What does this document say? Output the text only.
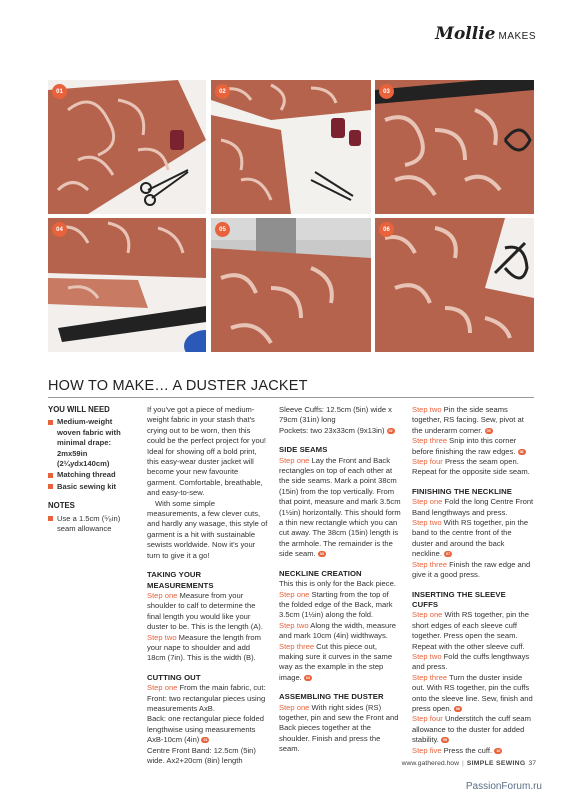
Mollie MAKES
01	02	03
04	05	06
HOW TO MAKE… A DUSTER JACKET
YOU WILL NEED
Medium-weight woven fabric with minimal drape: 2mx59in (2¼ydx140cm)
Matching thread
Basic sewing kit
NOTES
Use a 1.5cm (⁵⁄₈in) seam allowance

If you've got a piece of medium-weight fabric in your stash that's crying out to be worn, then this could be the perfect project for you! Ideal for showing off a bold print, this easy-wear duster jacket will become your new favourite garment. Comfortable, breathable, and easy-to-sew.

With some simple measurements, a few clever cuts, and hardly any wasage, this style of garment is a hit with sustainable sewists worldwide. Now it's your turn to give it a go!

TAKING YOUR MEASUREMENTS

Step one Measure from your shoulder to calf to determine the final length you would like your duster to be. This is the length (A).

Step two Measure the length from your nape to shoulder and add 18cm (7in). This is the width (B).

CUTTING OUT

Step one From the main fabric, cut:

Front: two rectangular pieces using measurements AxB.

Back: one rectangular piece folded lengthwise using measurements AxB-10cm (4in) 01

Centre Front Band: 12.5cm (5in) wide. Ax2+20cm (8in) length

Sleeve Cuffs: 12.5cm (5in) wide x 79cm (31in) long

Pockets: two 23x33cm (9x13in) 02

SIDE SEAMS

Step one Lay the Front and Back rectangles on top of each other at the side seams. Mark a point 38cm (15in) from the top vertically. From that point, measure and mark 3.5cm (1½in) horizontally. This should form a thin new rectangle which you can cut away. The 38cm (15in) length is the armhole. The remainder is the side seam. 03

NECKLINE CREATION

This this is only for the Back piece.

Step one Starting from the top of the folded edge of the Back, mark 3.5cm (1½in) along the fold.

Step two Along the width, measure and mark 10cm (4in) widthways.

Step three Cut this piece out, making sure it curves in the same way as the example in the step image. 04

ASSEMBLING THE DUSTER

Step one With right sides (RS) together, pin and sew the Front and Back pieces together at the shoulder. Finish and press the seam.

Step two Pin the side seams together, RS facing. Sew, pivot at the underarm corner. 05

Step three Snip into this corner before finishing the raw edges. 06

Step four Press the seam open. Repeat for the opposite side seam.

FINISHING THE NECKLINE

Step one Fold the long Centre Front Band lengthways and press.

Step two With RS together, pin the band to the centre front of the duster and around the back neckline. 07

Step three Finish the raw edge and give it a good press.

INSERTING THE SLEEVE CUFFS

Step one With RS together, pin the short edges of each sleeve cuff together. Press open the seam. Repeat with the other sleeve cuff.

Step two Fold the cuffs lengthways and press.

Step three Turn the duster inside out. With RS together, pin the cuffs onto the sleeve line. Sew, finish and press open. 08

Step four Understitch the cuff seam allowance to the duster for added stability. 09

Step five Press the cuff. 10

www.gathered.how | SIMPLE SEWING 37
PassionForum.ru
